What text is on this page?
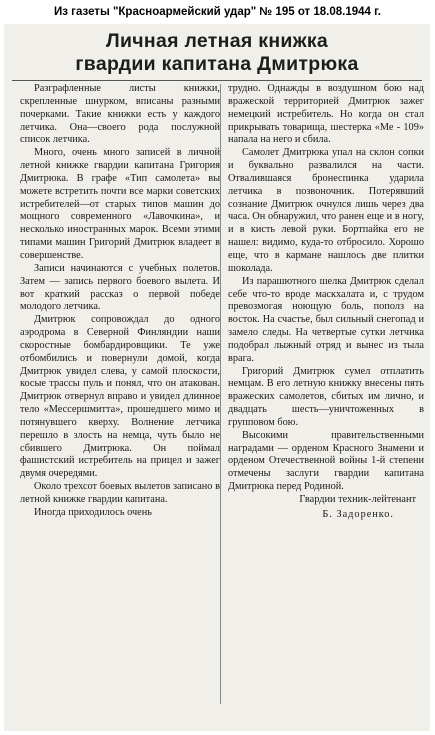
Из газеты "Красноармейский удар" № 195 от 18.08.1944 г.
Личная летная книжка
гвардии капитана Дмитрюка

Разграфленные листы книжки, скрепленные шнурком, вписаны разными почерками. Такие книжки есть у каждого летчика. Она—своего рода послужной список летчика.

Много, очень много записей в личной летной книжке гвардии капитана Григория Дмитрюка. В графе «Тип самолета» вы можете встретить почти все марки советских истребителей—от старых типов машин до мощного современного «Лавочкина», и несколько иностранных марок. Всеми этими типами машин Григорий Дмитрюк владеет в совершенстве.

Записи начинаются с учебных полетов. Затем — запись первого боевого вылета. И вот краткий рассказ о первой победе молодого летчика.

Дмитрюк сопровождал до одного аэродрома в Северной Финляндии наши скоростные бомбардировщики. Те уже отбомбились и повернули домой, когда Дмитрюк увидел слева, у самой плоскости, косые трассы пуль и понял, что он атакован. Дмитрюк отвернул вправо и увидел длинное тело «Мессершмитта», прошедшего мимо и потянувшего кверху. Волнение летчика перешло в злость на немца, чуть было не сбившего Дмитрюка. Он поймал фашистский истребитель на прицел и зажег двумя очередями.

Около трехсот боевых вылетов записано в летной книжке гвардии капитана.

Иногда приходилось очень

трудно. Однажды в воздушном бою над вражеской территорией Дмитрюк зажег немецкий истребитель. Но когда он стал прикрывать товарища, шестерка «Ме - 109» напала на него и сбила.

Самолет Дмитрюка упал на склон сопки и буквально развалился на части. Отвалившаяся бронеспинка ударила летчика в позвоночник. Потерявший сознание Дмитрюк очнулся лишь через два часа. Он обнаружил, что ранен еще и в ногу, и в кисть левой руки. Бортпайка его не нашел: видимо, куда-то отбросило. Хорошо еще, что в кармане нашлось две плитки шоколада.

Из парашютного шелка Дмитрюк сделал себе что-то вроде маскхалата и, с трудом превозмогая ноющую боль, пополз на восток. На счастье, был сильный снегопад и замело следы. На четвертые сутки летчика подобрал лыжный отряд и вынес из тыла врага.

Григорий Дмитрюк сумел отплатить немцам. В его летную книжку внесены пять вражеских самолетов, сбитых им лично, и двадцать шесть—уничтоженных в групповом бою.

Высокими правительственными наградами — орденом Красного Знамени и орденом Отечественной войны 1-й степени отмечены заслуги гвардии капитана Дмитрюка перед Родиной.

Гвардии техник-лейтенант

Б. Задоренко.
